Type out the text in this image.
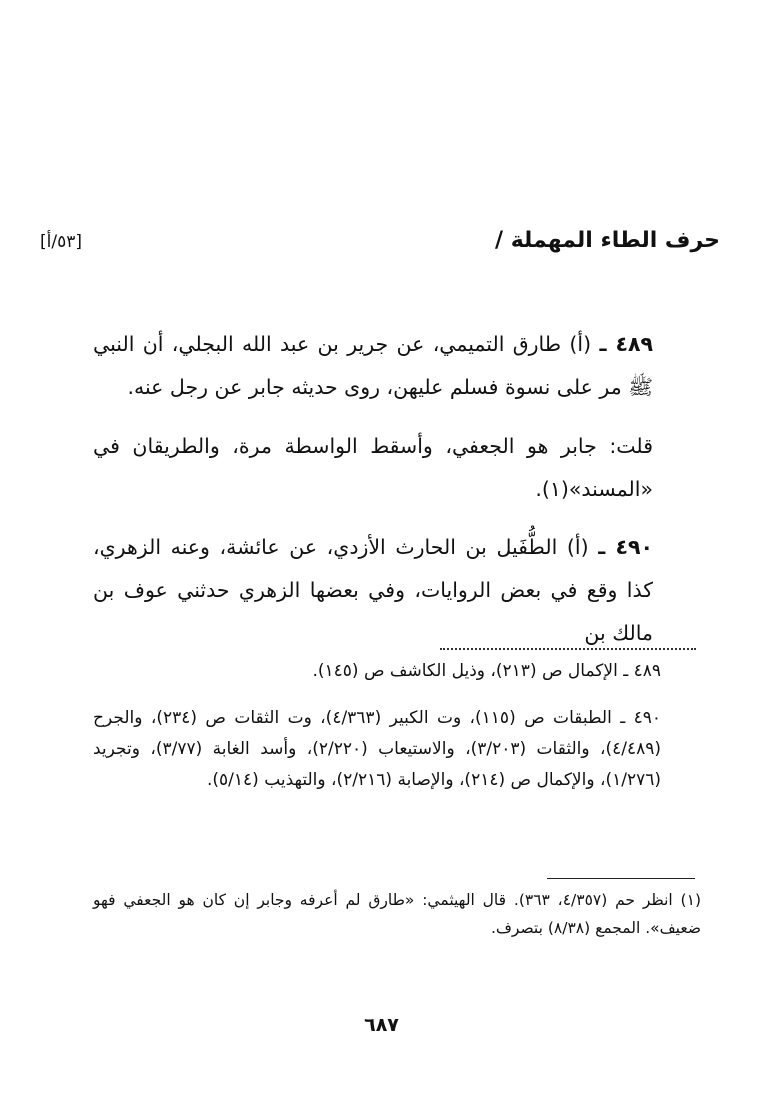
حرف الطاء المهملة /
[٥٣/أ]
٤٨٩ ـ (أ) طارق التميمي، عن جرير بن عبد الله البجلي، أن النبي ﷺ مر على نسوة فسلم عليهن، روى حديثه جابر عن رجل عنه.
قلت: جابر هو الجعفي، وأسقط الواسطة مرة، والطريقان في «المسند»(١).
٤٩٠ ـ (أ) الطُّفَيل بن الحارث الأزدي، عن عائشة، وعنه الزهري، كذا وقع في بعض الروايات، وفي بعضها الزهري حدثني عوف بن مالك بن
٤٨٩ ـ الإكمال ص (٢١٣)، وذيل الكاشف ص (١٤٥).
٤٩٠ ـ الطبقات ص (١١٥)، وت الكبير (٤/٣٦٣)، وت الثقات ص (٢٣٤)، والجرح (٤/٤٨٩)، والثقات (٣/٢٠٣)، والاستيعاب (٢/٢٢٠)، وأسد الغابة (٣/٧٧)، وتجريد (١/٢٧٦)، والإكمال ص (٢١٤)، والإصابة (٢/٢١٦)، والتهذيب (٥/١٤).
(١) انظر حم (٤/٣٥٧، ٣٦٣). قال الهيثمي: «طارق لم أعرفه وجابر إن كان هو الجعفي فهو ضعيف». المجمع (٨/٣٨) بتصرف.
٦٨٧
